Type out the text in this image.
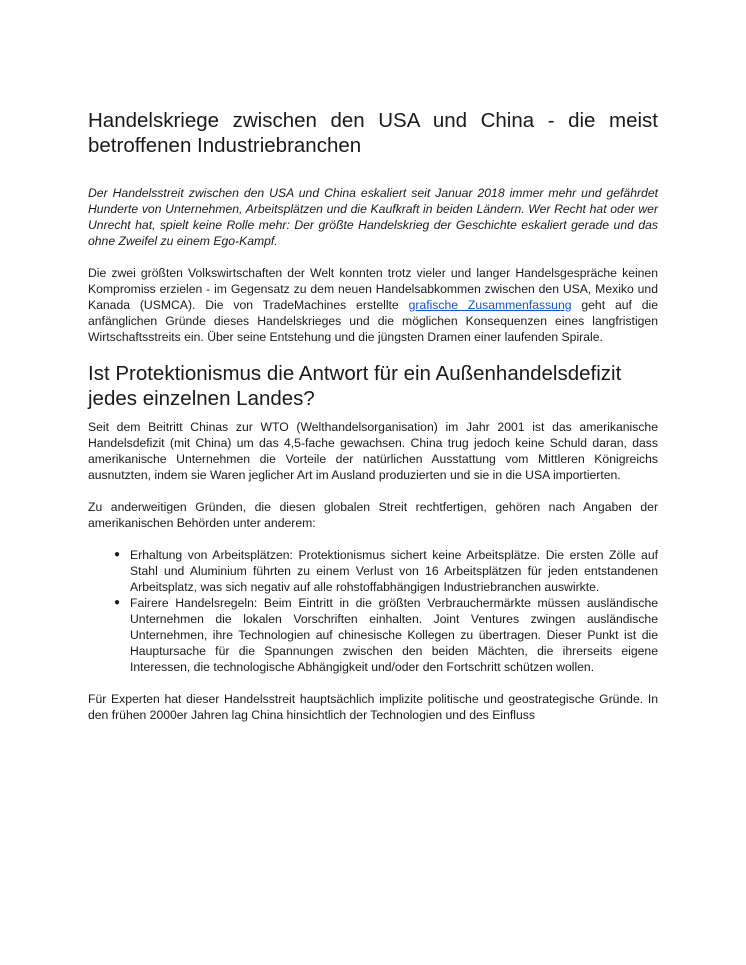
Handelskriege zwischen den USA und China - die meist betroffenen Industriebranchen

Der Handelsstreit zwischen den USA und China eskaliert seit Januar 2018 immer mehr und gefährdet Hunderte von Unternehmen, Arbeitsplätzen und die Kaufkraft in beiden Ländern. Wer Recht hat oder wer Unrecht hat, spielt keine Rolle mehr: Der größte Handelskrieg der Geschichte eskaliert gerade und das ohne Zweifel zu einem Ego-Kampf.

Die zwei größten Volkswirtschaften der Welt konnten trotz vieler und langer Handelsgespräche keinen Kompromiss erzielen - im Gegensatz zu dem neuen Handelsabkommen zwischen den USA, Mexiko und Kanada (USMCA). Die von TradeMachines erstellte grafische Zusammenfassung geht auf die anfänglichen Gründe dieses Handelskrieges und die möglichen Konsequenzen eines langfristigen Wirtschaftsstreits ein. Über seine Entstehung und die jüngsten Dramen einer laufenden Spirale.

Ist Protektionismus die Antwort für ein Außenhandelsdefizit jedes einzelnen Landes?

Seit dem Beitritt Chinas zur WTO (Welthandelsorganisation) im Jahr 2001 ist das amerikanische Handelsdefizit (mit China) um das 4,5-fache gewachsen. China trug jedoch keine Schuld daran, dass amerikanische Unternehmen die Vorteile der natürlichen Ausstattung vom Mittleren Königreichs ausnutzten, indem sie Waren jeglicher Art im Ausland produzierten und sie in die USA importierten.

Zu anderweitigen Gründen, die diesen globalen Streit rechtfertigen, gehören nach Angaben der amerikanischen Behörden unter anderem:

● Erhaltung von Arbeitsplätzen: Protektionismus sichert keine Arbeitsplätze. Die ersten Zölle auf Stahl und Aluminium führten zu einem Verlust von 16 Arbeitsplätzen für jeden entstandenen Arbeitsplatz, was sich negativ auf alle rohstoffabhängigen Industriebranchen auswirkte.
● Fairere Handelsregeln: Beim Eintritt in die größten Verbrauchermärkte müssen ausländische Unternehmen die lokalen Vorschriften einhalten. Joint Ventures zwingen ausländische Unternehmen, ihre Technologien auf chinesische Kollegen zu übertragen. Dieser Punkt ist die Hauptursache für die Spannungen zwischen den beiden Mächten, die ihrerseits eigene Interessen, die technologische Abhängigkeit und/oder den Fortschritt schützen wollen.

Für Experten hat dieser Handelsstreit hauptsächlich implizite politische und geostrategische Gründe. In den frühen 2000er Jahren lag China hinsichtlich der Technologien und des Einfluss
